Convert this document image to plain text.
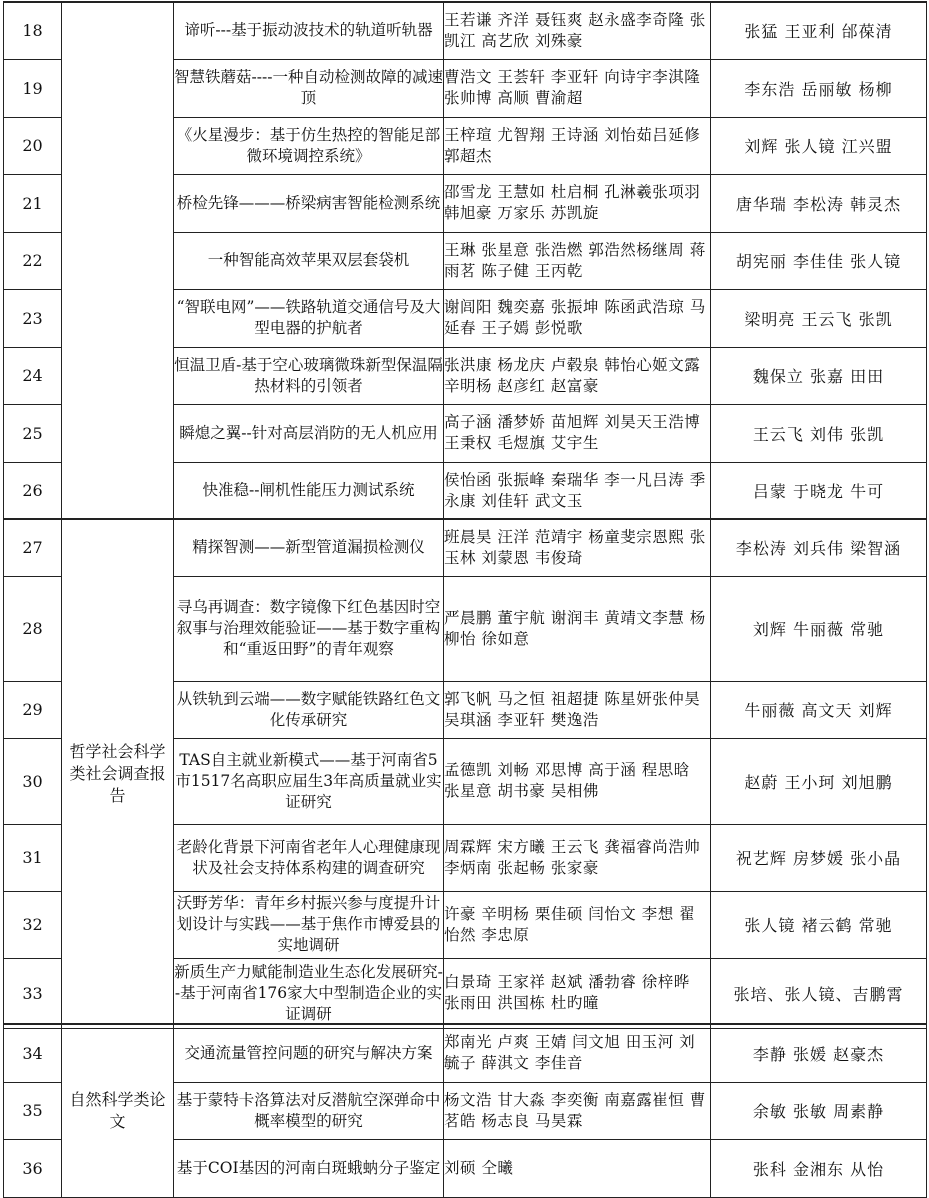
18		谛听---基于振动波技术的轨道听轨器	王若谦 齐洋 聂钰爽 赵永盛李奇隆 张凯江 高艺欣 刘殊豪	张猛 王亚利 邰葆清
19		智慧铁蘑菇----一种自动检测故障的减速顶	曹浩文 王荟轩 李亚轩 向诗宇李淇隆 张帅博 高顺 曹渝超	李东浩 岳丽敏 杨柳
20		《火星漫步：基于仿生热控的智能足部微环境调控系统》	王梓瑄 尤智翔 王诗涵 刘怡茹吕延修 郭超杰	刘辉 张人镜 江兴盟
21		桥检先锋———桥梁病害智能检测系统	邵雪龙 王慧如 杜启桐 孔淋羲张项羽 韩旭豪 万家乐 苏凯旋	唐华瑞 李松涛 韩灵杰
22		一种智能高效苹果双层套袋机	王琳 张星意 张浩燃 郭浩然杨继周 蒋雨茗 陈子健 王丙乾	胡宪丽 李佳佳 张人镜
23		“智联电网”——铁路轨道交通信号及大型电器的护航者	谢闾阳 魏奕嘉 张振坤 陈函武浩琼 马延春 王子嫣 彭悦歌	梁明亮 王云飞 张凯
24		恒温卫盾-基于空心玻璃微珠新型保温隔热材料的引领者	张洪康 杨龙庆 卢毂泉 韩怡心姬文露 辛明杨 赵彦红 赵富豪	魏保立 张嘉 田田
25		瞬熄之翼--针对高层消防的无人机应用	高子涵 潘梦娇 苗旭辉 刘昊天王浩博 王秉权 毛煜旗 艾宇生	王云飞 刘伟 张凯
26		快准稳--闸机性能压力测试系统	侯怡函 张振峰 秦瑞华 李一凡吕涛 季永康 刘佳轩 武文玉	吕蒙 于晓龙 牛可
27	哲学社会科学类社会调查报告	精探智测——新型管道漏损检测仪	班晨昊 汪洋 范靖宇 杨童斐宗恩熙 张玉林 刘蒙恩 韦俊琦	李松涛 刘兵伟 梁智涵
28		寻乌再调查：数字镜像下红色基因时空叙事与治理效能验证——基于数字重构和“重返田野”的青年观察	严晨鹏 董宇航 谢润丰 黄靖文李慧 杨柳怡 徐如意	刘辉 牛丽薇 常驰
29		从铁轨到云端——数字赋能铁路红色文化传承研究	郭飞帆 马之恒 祖超捷 陈星妍张仲昊 吴琪涵 李亚轩 樊逸浩	牛丽薇 高文天 刘辉
30		TAS自主就业新模式——基于河南省5市1517名高职应届生3年高质量就业实证研究	孟德凯 刘畅 邓思博 高于涵 程思晗 张星意 胡书豪 吴相佛	赵蔚 王小珂 刘旭鹏
31		老龄化背景下河南省老年人心理健康现状及社会支持体系构建的调查研究	周霖辉 宋方曦 王云飞 龚福睿尚浩帅 李炳南 张起畅 张家豪	祝艺辉 房梦媛 张小晶
32		沃野芳华：青年乡村振兴参与度提升计划设计与实践——基于焦作市博爱县的实地调研	许豪 辛明杨 栗佳硕 闫怡文 李想 翟怡然 李忠原	张人镜 褚云鹤 常驰
33		新质生产力赋能制造业生态化发展研究--基于河南省176家大中型制造企业的实证调研	白景琦 王家祥 赵斌 潘勃睿 徐梓晔 张雨田 洪国栋 杜旳曈	张培、张人镜、吉鹏霄
34	自然科学类论文	交通流量管控问题的研究与解决方案	郑南光 卢爽 王婧 闫文旭 田玉河 刘毓子 薛淇文 李佳音	李静 张媛 赵豪杰
35		基于蒙特卡洛算法对反潜航空深弹命中概率模型的研究	杨文浩 甘大淼 李奕衡 南嘉露崔恒 曹茗皓 杨志良 马昊霖	余敏 张敏 周素静
36		基于COI基因的河南白斑蛾蚋分子鉴定	刘硕 仝曦	张科 金湘东 从怡
